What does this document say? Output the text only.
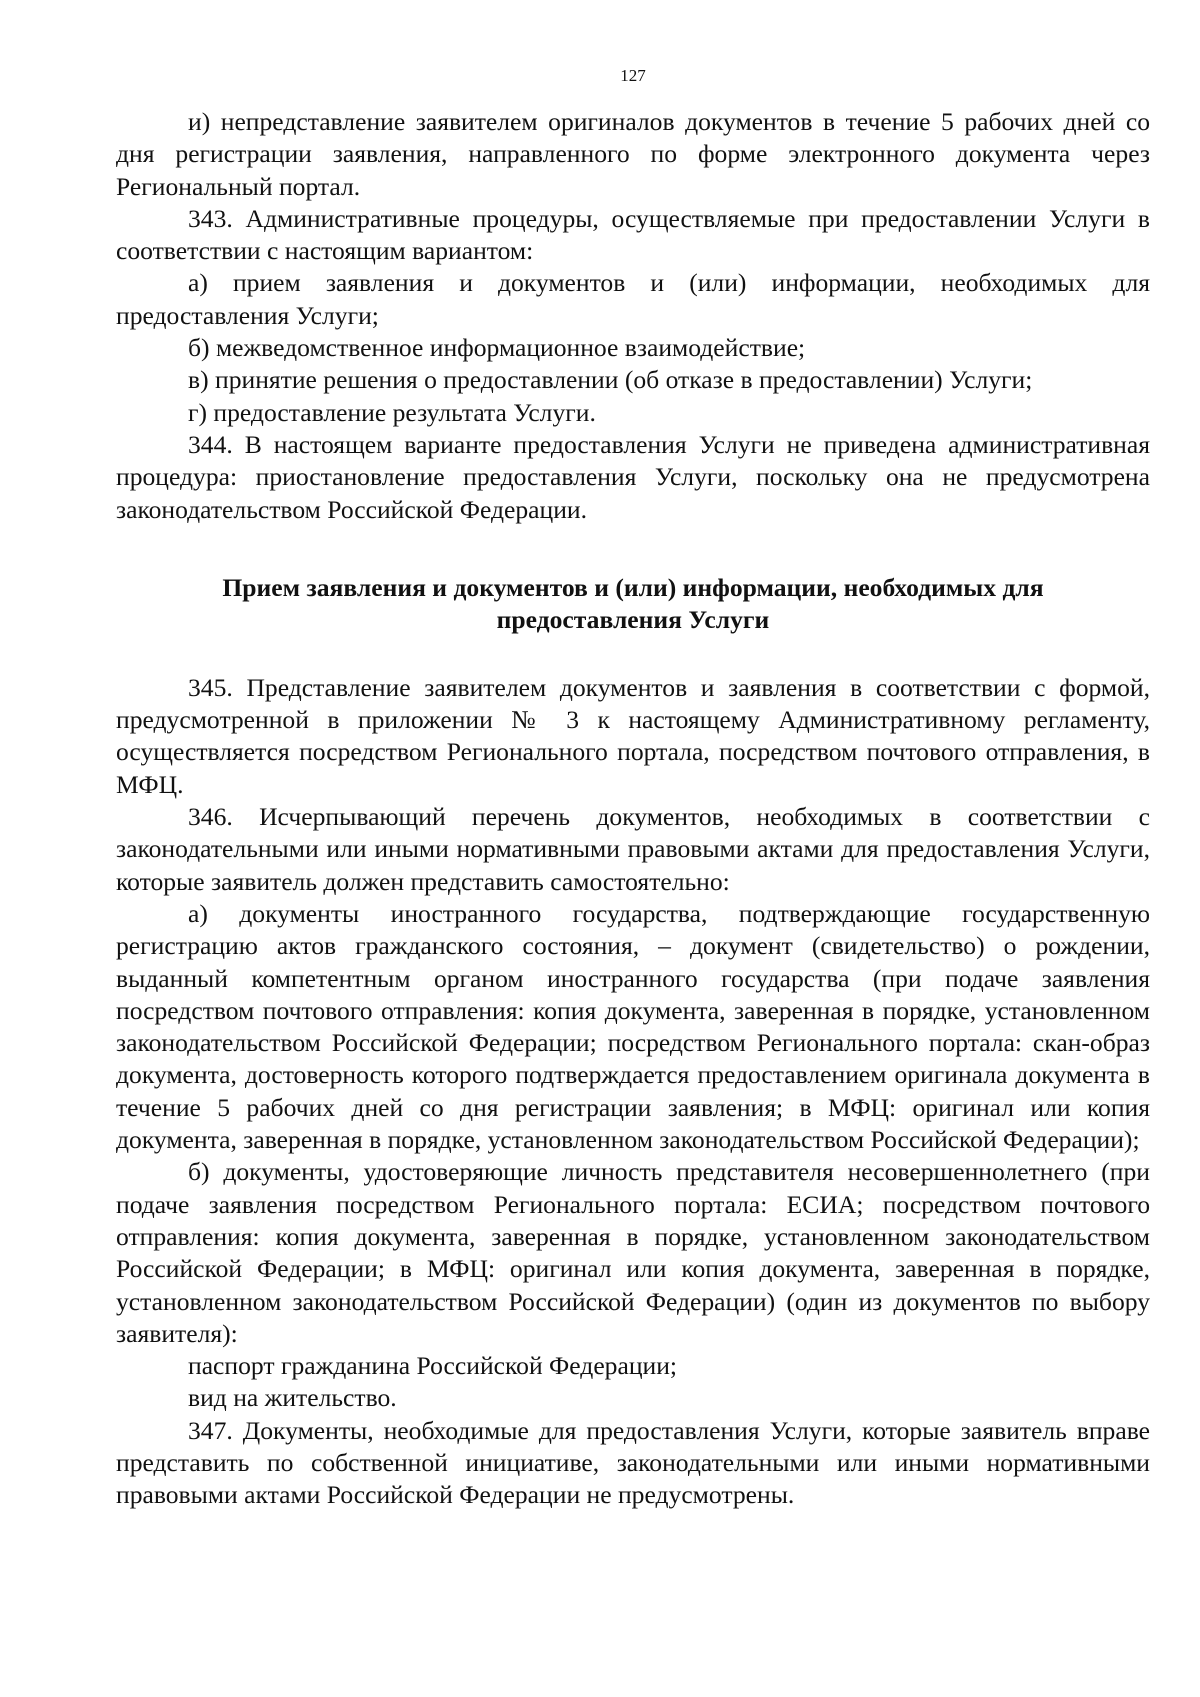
127

и) непредставление заявителем оригиналов документов в течение 5 рабочих дней со дня регистрации заявления, направленного по форме электронного документа через Региональный портал.

343. Административные процедуры, осуществляемые при предоставлении Услуги в соответствии с настоящим вариантом:

а) прием заявления и документов и (или) информации, необходимых для предоставления Услуги;

б) межведомственное информационное взаимодействие;

в) принятие решения о предоставлении (об отказе в предоставлении) Услуги;

г) предоставление результата Услуги.

344. В настоящем варианте предоставления Услуги не приведена административная процедура: приостановление предоставления Услуги, поскольку она не предусмотрена законодательством Российской Федерации.

Прием заявления и документов и (или) информации, необходимых для предоставления Услуги

345. Представление заявителем документов и заявления в соответствии с формой, предусмотренной в приложении № 3 к настоящему Административному регламенту, осуществляется посредством Регионального портала, посредством почтового отправления, в МФЦ.

346. Исчерпывающий перечень документов, необходимых в соответствии с законодательными или иными нормативными правовыми актами для предоставления Услуги, которые заявитель должен представить самостоятельно:

а) документы иностранного государства, подтверждающие государственную регистрацию актов гражданского состояния, – документ (свидетельство) о рождении, выданный компетентным органом иностранного государства (при подаче заявления посредством почтового отправления: копия документа, заверенная в порядке, установленном законодательством Российской Федерации; посредством Регионального портала: скан-образ документа, достоверность которого подтверждается предоставлением оригинала документа в течение 5 рабочих дней со дня регистрации заявления; в МФЦ: оригинал или копия документа, заверенная в порядке, установленном законодательством Российской Федерации);

б) документы, удостоверяющие личность представителя несовершеннолетнего (при подаче заявления посредством Регионального портала: ЕСИА; посредством почтового отправления: копия документа, заверенная в порядке, установленном законодательством Российской Федерации; в МФЦ: оригинал или копия документа, заверенная в порядке, установленном законодательством Российской Федерации) (один из документов по выбору заявителя):

паспорт гражданина Российской Федерации;

вид на жительство.

347. Документы, необходимые для предоставления Услуги, которые заявитель вправе представить по собственной инициативе, законодательными или иными нормативными правовыми актами Российской Федерации не предусмотрены.
